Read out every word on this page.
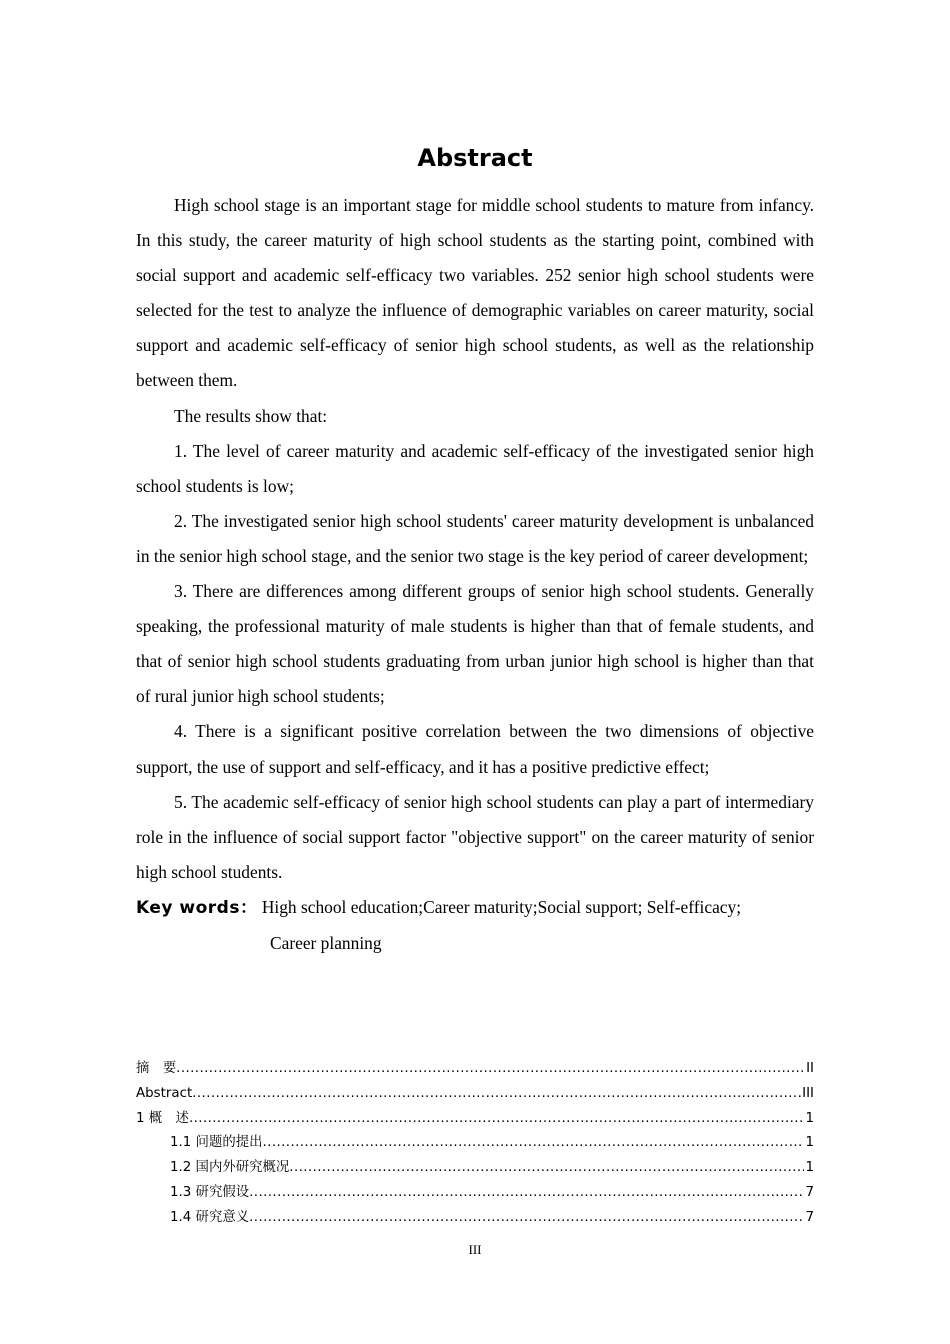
Abstract

High school stage is an important stage for middle school students to mature from infancy. In this study, the career maturity of high school students as the starting point, combined with social support and academic self-efficacy two variables. 252 senior high school students were selected for the test to analyze the influence of demographic variables on career maturity, social support and academic self-efficacy of senior high school students, as well as the relationship between them.

The results show that:

1. The level of career maturity and academic self-efficacy of the investigated senior high school students is low;

2. The investigated senior high school students' career maturity development is unbalanced in the senior high school stage, and the senior two stage is the key period of career development;

3. There are differences among different groups of senior high school students. Generally speaking, the professional maturity of male students is higher than that of female students, and that of senior high school students graduating from urban junior high school is higher than that of rural junior high school students;

4. There is a significant positive correlation between the two dimensions of objective support, the use of support and self-efficacy, and it has a positive predictive effect;

5. The academic self-efficacy of senior high school students can play a part of intermediary role in the influence of social support factor "objective support" on the career maturity of senior high school students.

Key words： High school education;Career maturity;Social support; Self-efficacy;

Career planning

摘　要 .....	II
Abstract .....	III
1 概　述 .....	1
1.1 问题的提出 .....	1
1.2 国内外研究概况 .....	1
1.3 研究假设 .....	7
1.4 研究意义 .....	7
III
